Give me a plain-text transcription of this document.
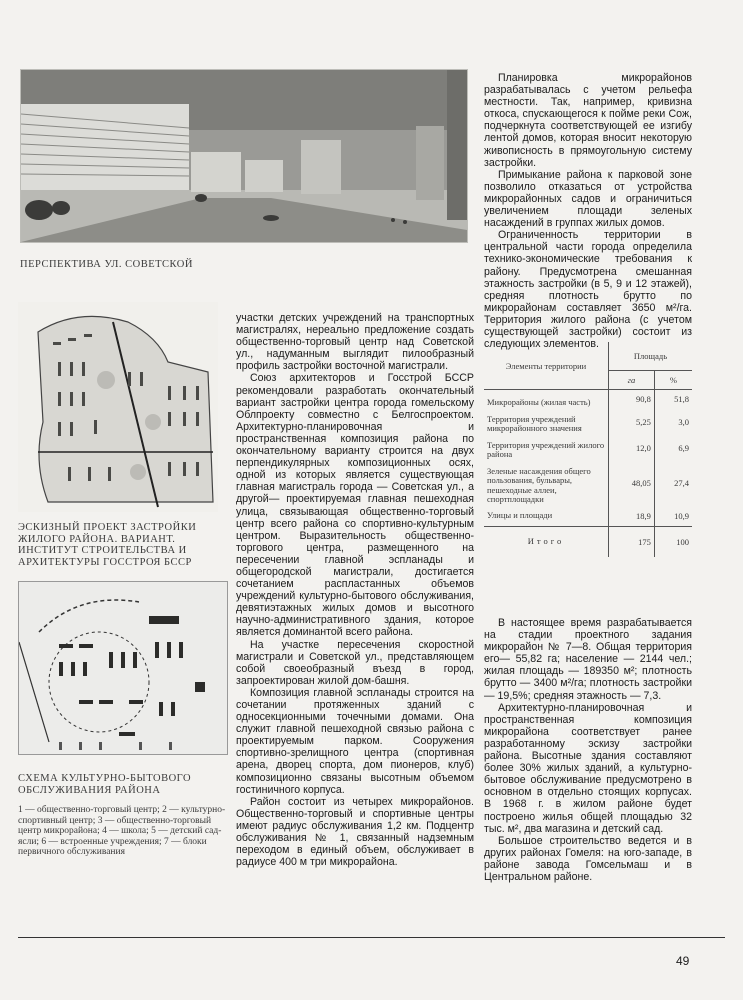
ПЕРСПЕКТИВА УЛ. СОВЕТСКОЙ

ЭСКИЗНЫЙ ПРОЕКТ ЗАСТРОЙКИ ЖИЛОГО РАЙОНА. ВАРИАНТ. ИНСТИТУТ СТРОИТЕЛЬСТВА И АРХИТЕКТУРЫ ГОССТРОЯ БССР

СХЕМА КУЛЬТУРНО-БЫТОВОГО ОБСЛУЖИВАНИЯ РАЙОНА

1 — общественно-торговый центр; 2 — культурно-спортивный центр; 3 — общественно-торговый центр микрорайона; 4 — школа; 5 — детский сад-ясли; 6 — встроенные учреждения; 7 — блоки первичного обслуживания

участки детских учреждений на транспортных магистралях, нереально предложение создать общественно-торговый центр над Советской ул., надуманным выглядит пилообразный профиль застройки восточной магистрали.

Союз архитекторов и Госстрой БССР рекомендовали разработать окончательный вариант застройки центра города гомельскому Облпроекту совместно с Белгоспроектом. Архитектурно-планировочная и пространственная композиция района по окончательному варианту строится на двух перпендикулярных композиционных осях, одной из которых является существующая главная магистраль города — Советская ул., а другой— проектируемая главная пешеходная улица, связывающая общественно-торговый центр всего района со спортивно-культурным центром. Выразительность общественно-торгового центра, размещенного на пересечении главной эспланады и общегородской магистрали, достигается сочетанием распластанных объемов учреждений культурно-бытового обслуживания, девятиэтажных жилых домов и высотного научно-административного здания, которое является доминантой всего района.

На участке пересечения скоростной магистрали и Советской ул., представляющем собой своеобразный въезд в город, запроектирован жилой дом-башня.

Композиция главной эспланады строится на сочетании протяженных зданий с односекционными точечными домами. Она служит главной пешеходной связью района с проектируемым парком. Сооружения спортивно-зрелищного центра (спортивная арена, дворец спорта, дом пионеров, клуб) композиционно связаны высотным объемом гостиничного корпуса.

Район состоит из четырех микрорайонов. Общественно-торговый и спортивные центры имеют радиус обслуживания 1,2 км. Подцентр обслуживания № 1, связанный надземным переходом в единый объем, обслуживает в радиусе 400 м три микрорайона.

Планировка микрорайонов разрабатывалась с учетом рельефа местности. Так, например, кривизна откоса, спускающегося к пойме реки Сож, подчеркнута соответствующей ее изгибу лентой домов, которая вносит некоторую живописность в прямоугольную систему застройки.

Примыкание района к парковой зоне позволило отказаться от устройства микрорайонных садов и ограничиться увеличением площади зеленых насаждений в группах жилых домов.

Ограниченность территории в центральной части города определила технико-экономические требования к району. Предусмотрена смешанная этажность застройки (в 5, 9 и 12 этажей), средняя плотность брутто по микрорайонам составляет 3650 м²/га. Территория жилого района (с учетом существующей застройки) состоит из следующих элементов.

Элементы территории	Площадь	
	га	%
Микрорайоны (жилая часть)	90,8	51,8
Территория учреждений микрорайонного значения	5,25	3,0
Территория учреждений жилого района	12,0	6,9
Зеленые насаждения общего пользования, бульвары, пешеходные аллеи, спортплощадки	48,05	27,4
Улицы и площади	18,9	10,9
Итого	175	100

В настоящее время разрабатывается на стадии проектного задания микрорайон № 7—8. Общая территория его— 55,82 га; население — 2144 чел.; жилая площадь — 189350 м²; плотность брутто — 3400 м²/га; плотность застройки — 19,5%; средняя этажность — 7,3.

Архитектурно-планировочная и пространственная композиция микрорайона соответствует ранее разработанному эскизу застройки района. Высотные здания составляют более 30% жилых зданий, а культурно-бытовое обслуживание предусмотрено в основном в отдельно стоящих корпусах. В 1968 г. в жилом районе будет построено жилья общей площадью 32 тыс. м², два магазина и детский сад.

Большое строительство ведется и в других районах Гомеля: на юго-западе, в районе завода Гомсельмаш и в Центральном районе.

49
